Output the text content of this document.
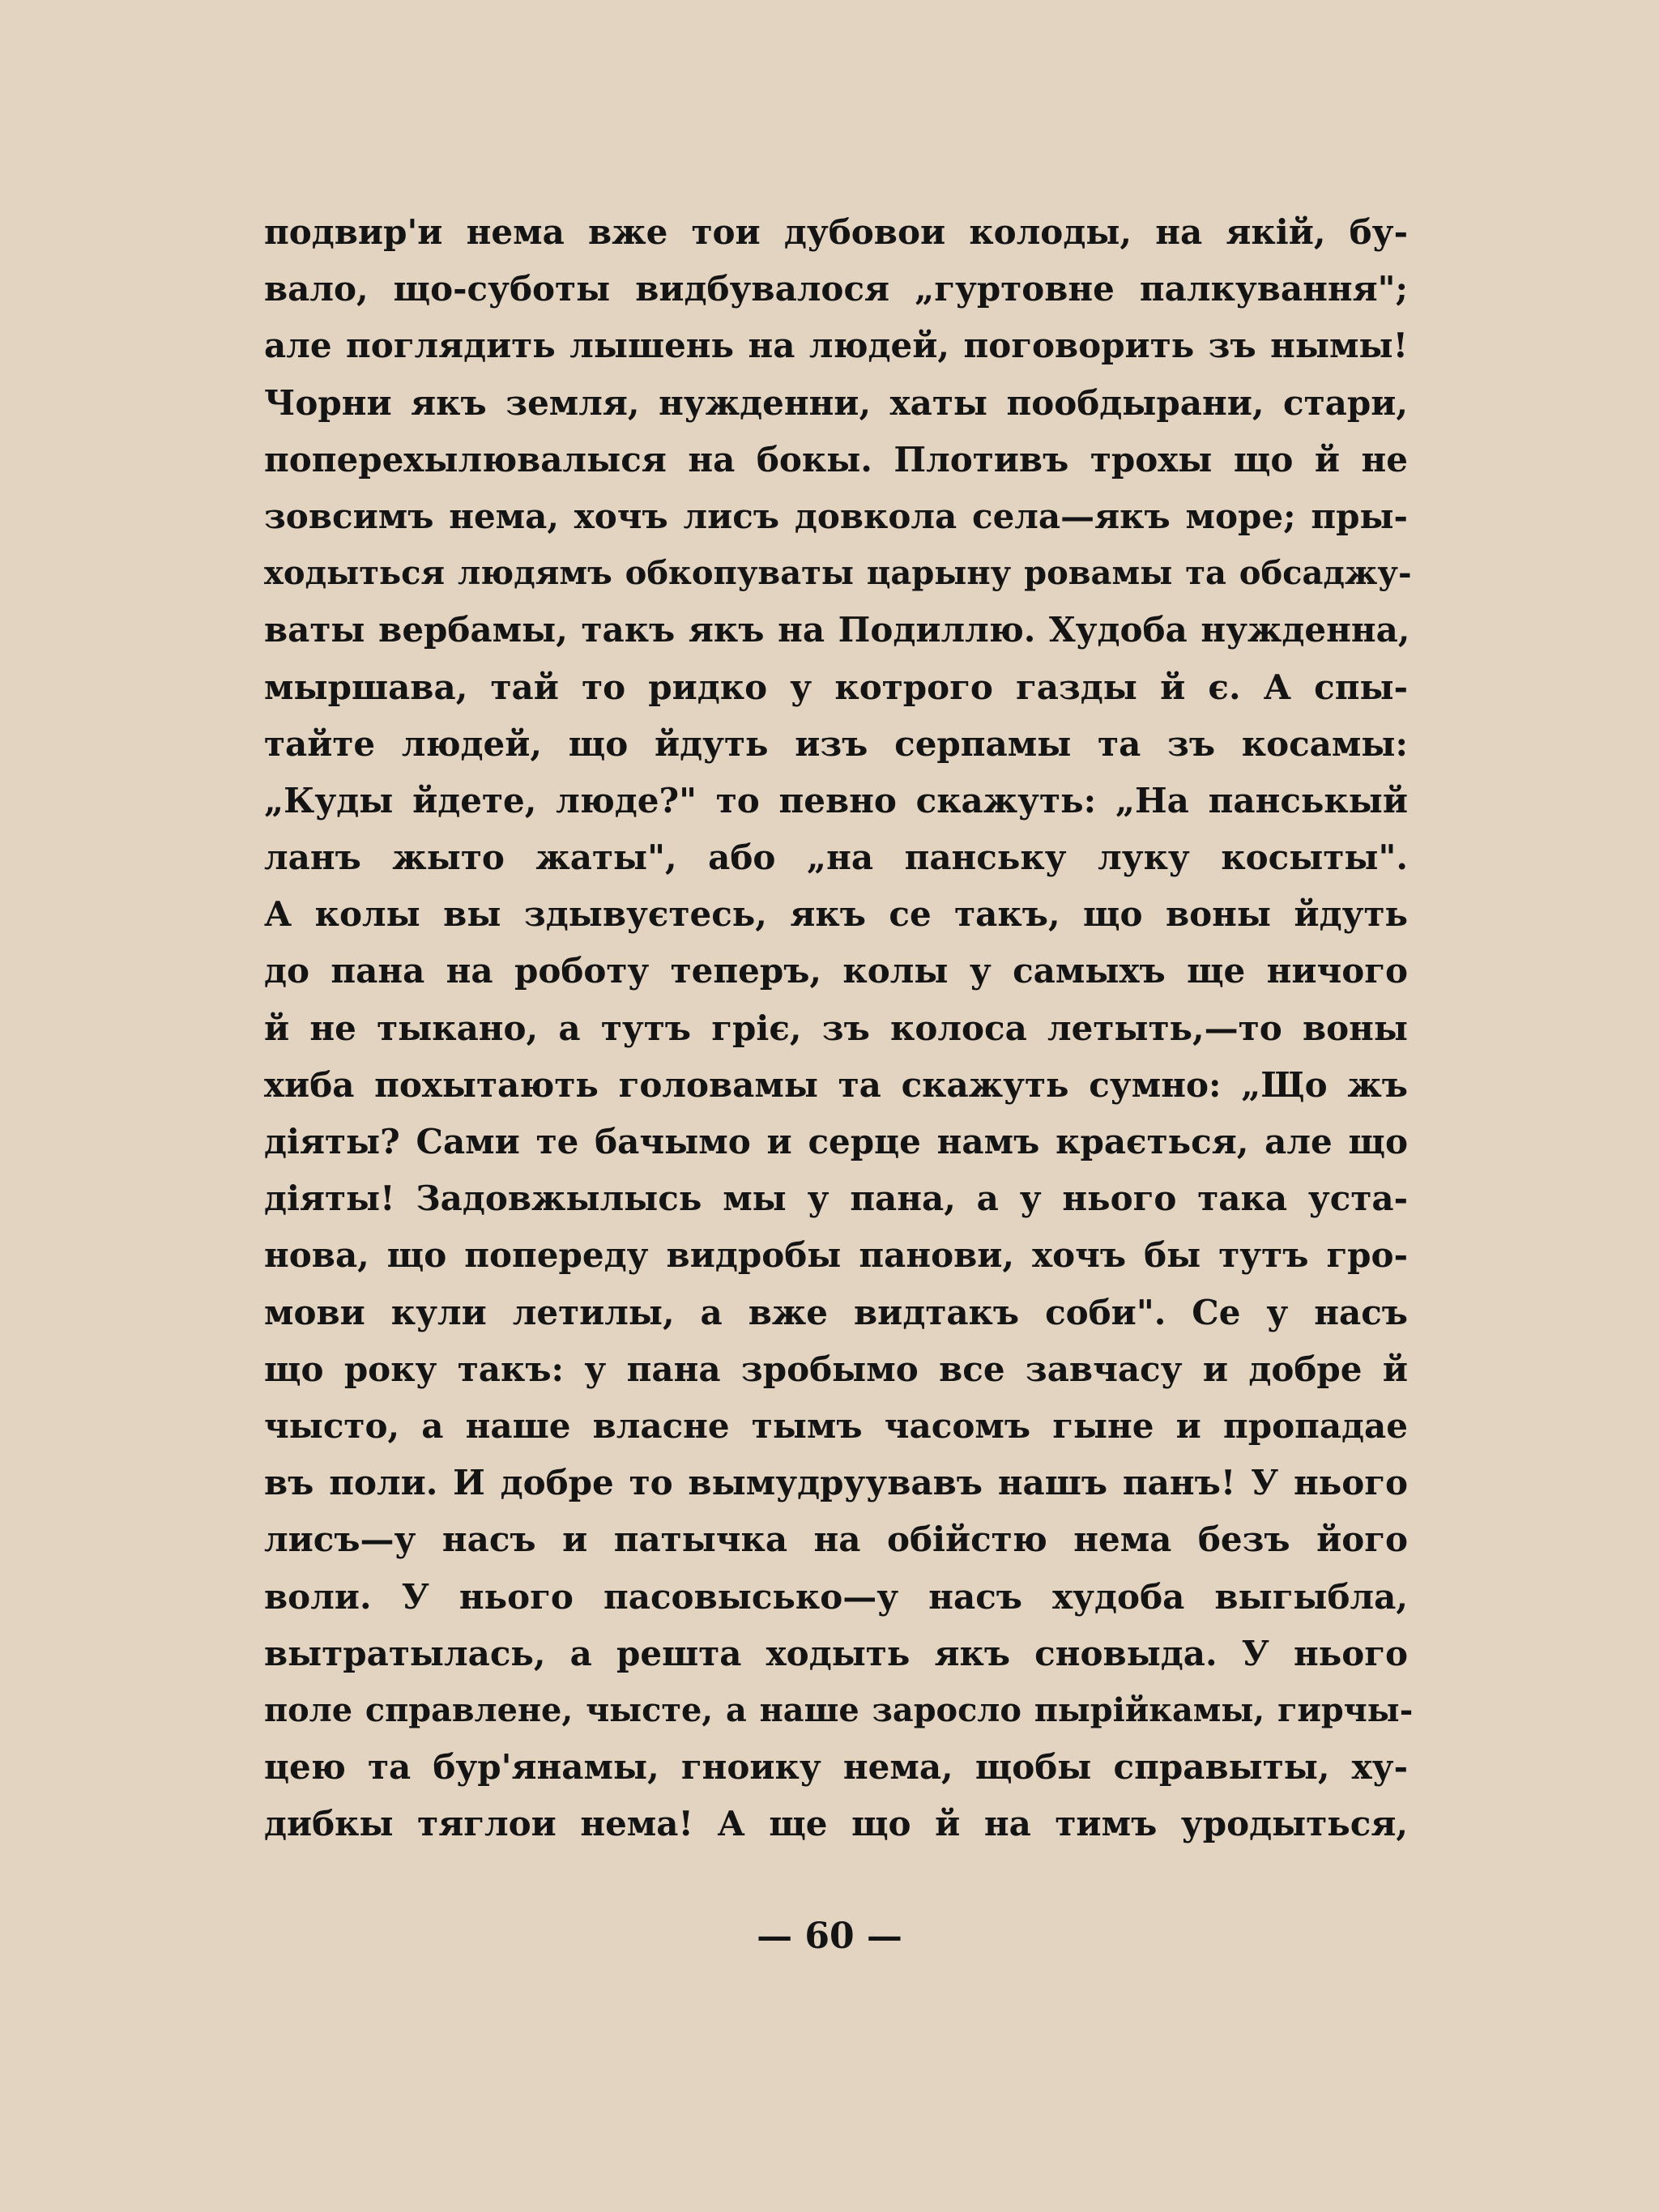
подвир'и нема вже тои дубовои колоды, на якій, бу-
вало, що-суботы видбувалося „гуртовне палкування";
але поглядить лышень на людей, поговорить зъ нымы!
Чорни якъ земля, нужденни, хаты пообдырани, стари,
поперехылювалыся на бокы. Плотивъ трохы що й не
зовсимъ нема, хочъ лисъ довкола села—якъ море; пры-
ходыться людямъ обкопуваты царыну ровамы та обсаджу-
ваты вербамы, такъ якъ на Подиллю. Худоба нужденна,
мыршава, тай то ридко у котрого газды й є. А спы-
тайте людей, що йдуть изъ серпамы та зъ косамы:
„Куды йдете, люде?" то певно скажуть: „На панськый
ланъ жыто жаты", або „на панську луку косыты".
А колы вы здывуєтесь, якъ се такъ, що воны йдуть
до пана на роботу теперъ, колы у самыхъ ще ничого
й не тыкано, а тутъ гріє, зъ колоса летыть,—то воны
хиба похытають головамы та скажуть сумно: „Що жъ
діяты? Сами те бачымо и серце намъ крається, але що
діяты! Задовжылысь мы у пана, а у нього така уста-
нова, що попереду видробы панови, хочъ бы тутъ гро-
мови кули летилы, а вже видтакъ соби". Се у насъ
що року такъ: у пана зробымо все завчасу и добре й
чысто, а наше власне тымъ часомъ гыне и пропадае
въ поли. И добре то вымудруувавъ нашъ панъ! У нього
лисъ—у насъ и патычка на обійстю нема безъ його
воли. У нього пасовысько—у насъ худоба выгыбла,
вытратылась, а решта ходыть якъ сновыда. У нього
поле справлене, чысте, а наше заросло пырійкамы, гирчы-
цею та бур'янамы, гноику нема, щобы справыты, ху-
дибкы тяглои нема! А ще що й на тимъ уродыться,
— 60 —
